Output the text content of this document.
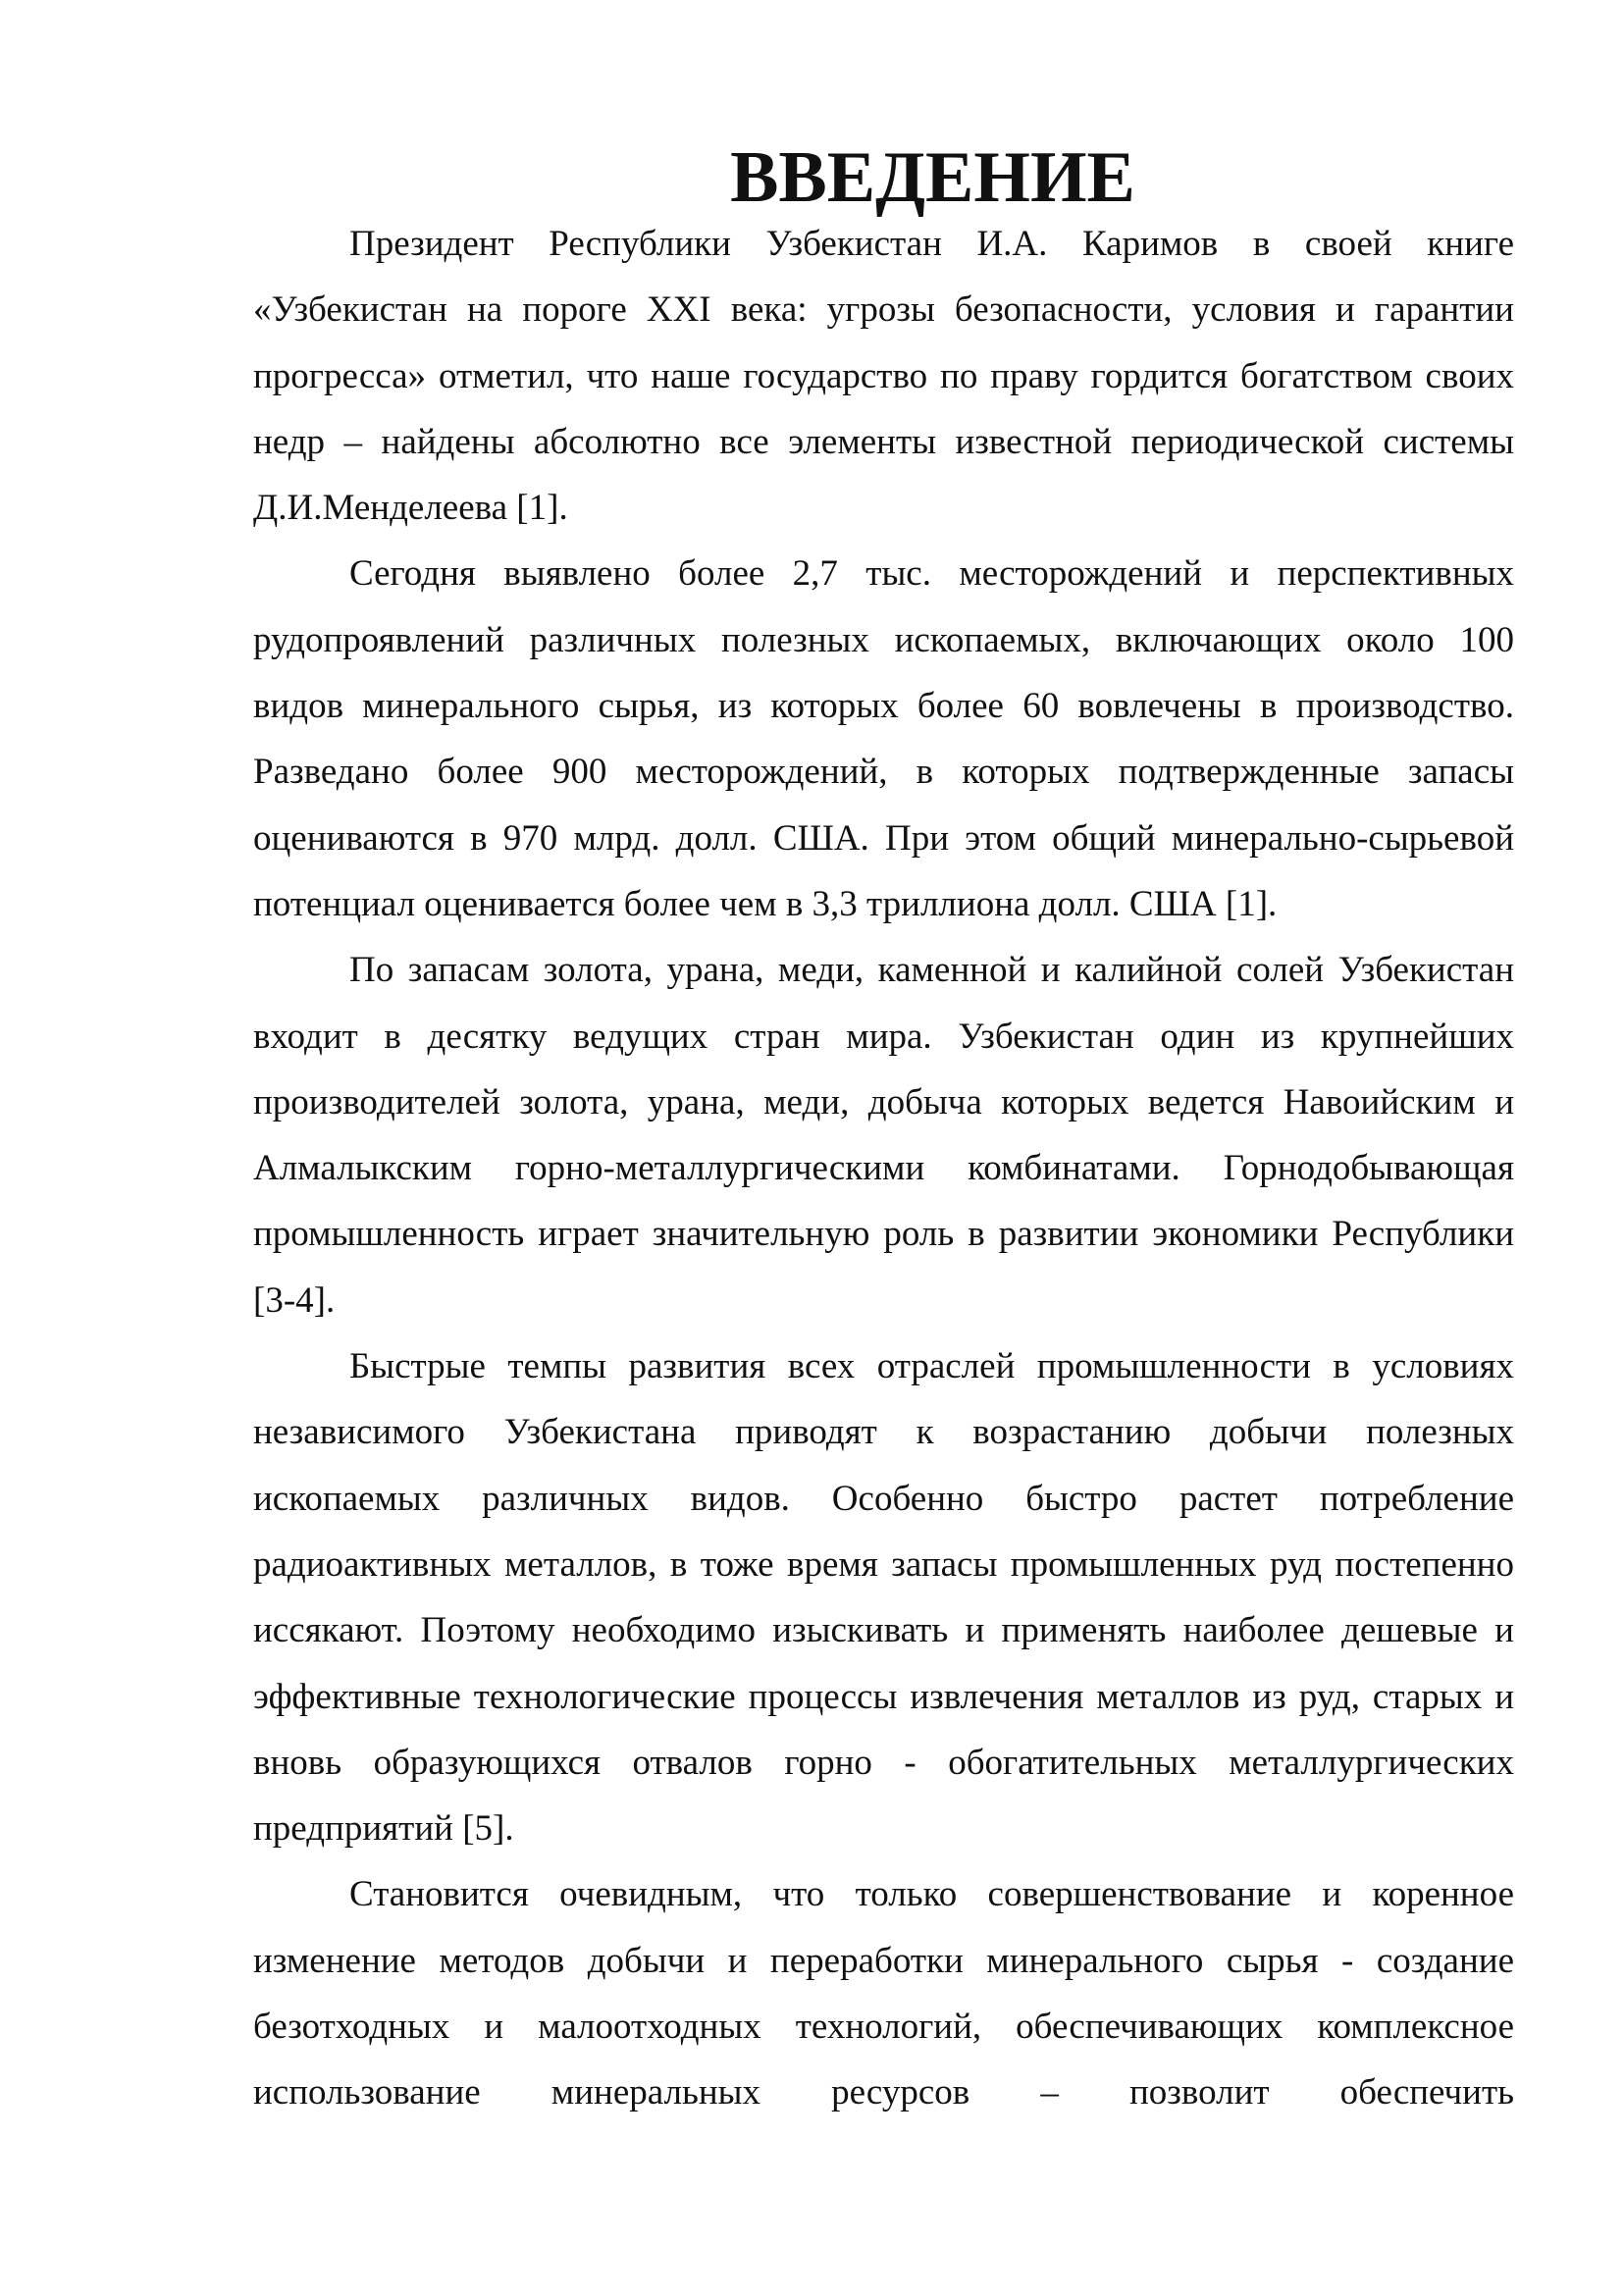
ВВЕДЕНИЕ

Президент Республики Узбекистан И.А. Каримов в своей книге «Узбекистан на пороге XXI века: угрозы безопасности, условия и гарантии прогресса» отметил, что наше государство по праву гордится богатством своих недр – найдены абсолютно все элементы известной периодической системы Д.И.Менделеева [1].

Сегодня выявлено более 2,7 тыс. месторождений и перспективных рудопроявлений различных полезных ископаемых, включающих около 100 видов минерального сырья, из которых более 60 вовлечены в производство. Разведано более 900 месторождений, в которых подтвержденные запасы оцениваются в 970 млрд. долл. США. При этом общий минерально-сырьевой потенциал оценивается более чем в 3,3 триллиона долл. США [1].

По запасам золота, урана, меди, каменной и калийной солей Узбекистан входит в десятку ведущих стран мира. Узбекистан один из крупнейших производителей золота, урана, меди, добыча которых ведется Навоийским и Алмалыкским горно-металлургическими комбинатами. Горнодобывающая промышленность играет значительную роль в развитии экономики Республики [3-4].

Быстрые темпы развития всех отраслей промышленности в условиях независимого Узбекистана приводят к возрастанию добычи полезных ископаемых различных видов. Особенно быстро растет потребление радиоактивных металлов, в тоже время запасы промышленных руд постепенно иссякают. Поэтому необходимо изыскивать и применять наиболее дешевые и эффективные технологические процессы извлечения металлов из руд, старых и вновь образующихся отвалов горно - обогатительных металлургических предприятий [5].

Становится очевидным, что только совершенствование и коренное изменение методов добычи и переработки минерального сырья - создание безотходных и малоотходных технологий, обеспечивающих комплексное использование минеральных ресурсов – позволит обеспечить
